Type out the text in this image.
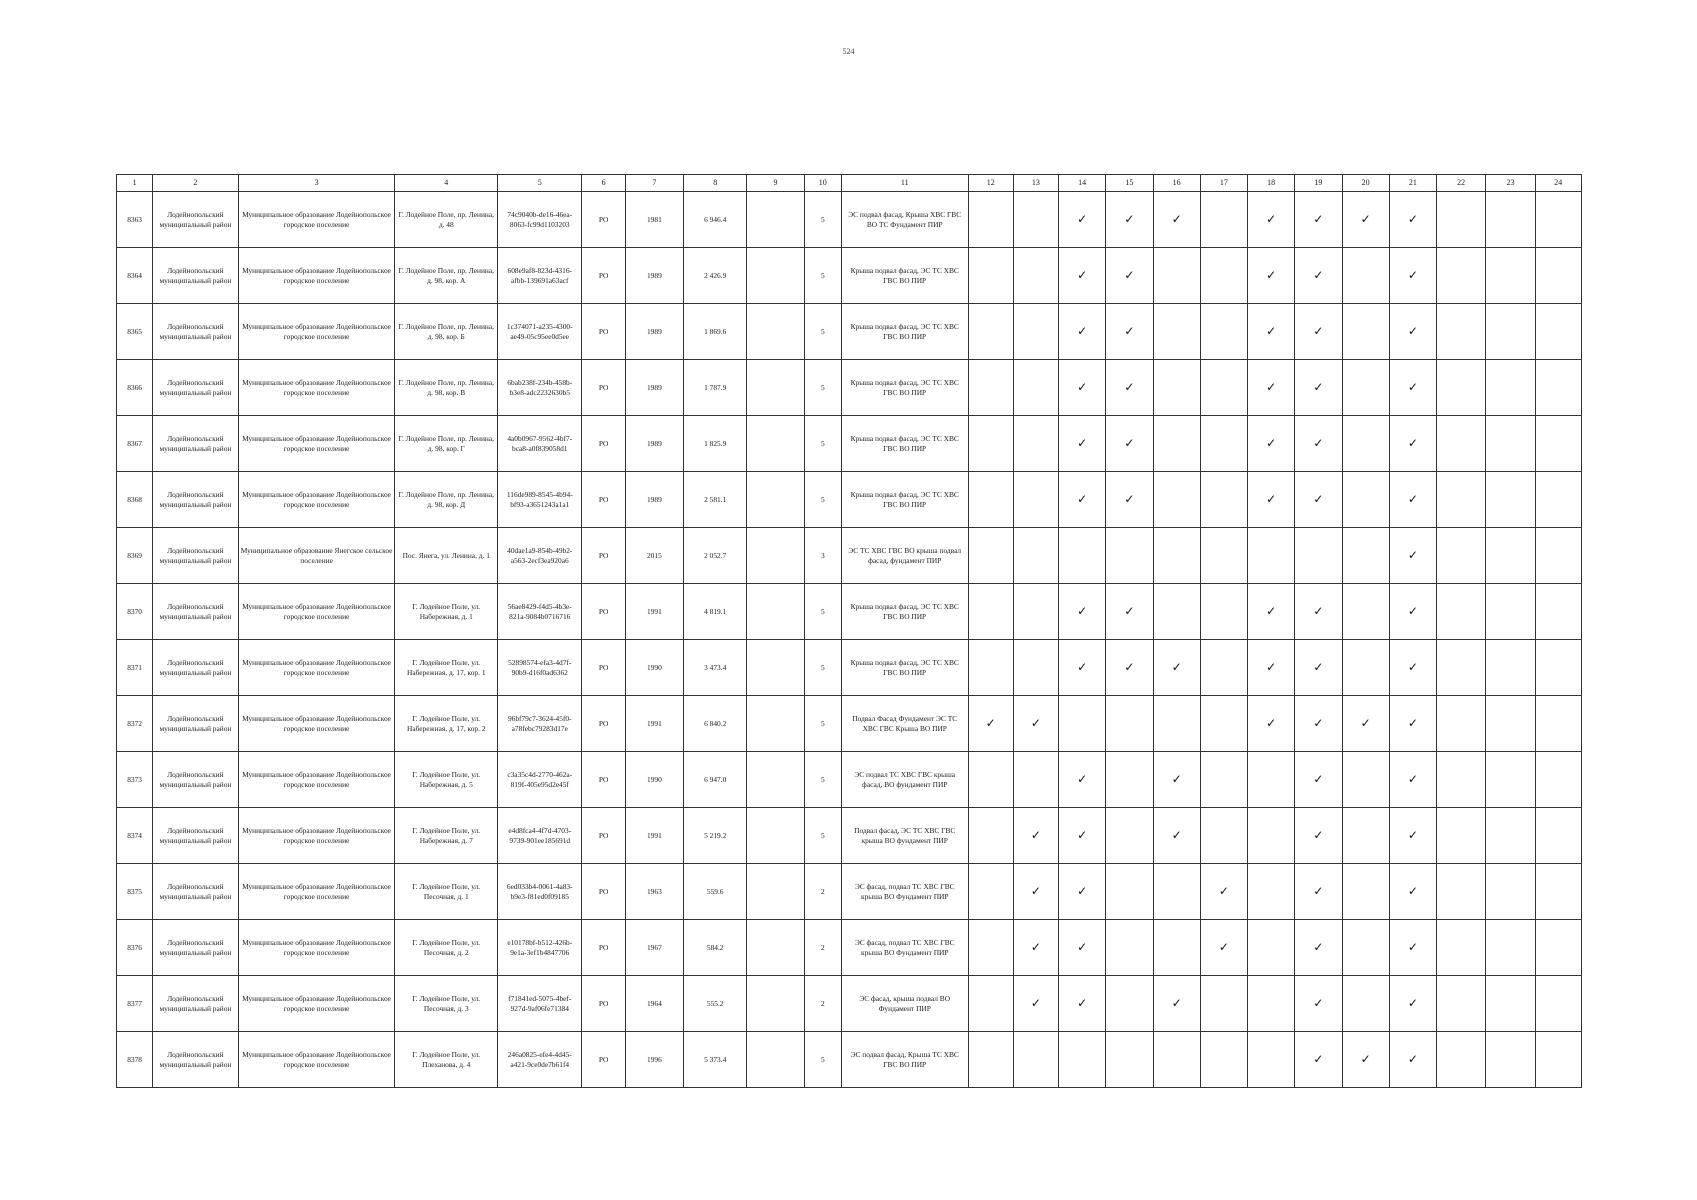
524
1	2	3	4	5	6	7	8	9	10	11	12	13	14	15	16	17	18	19	20	21	22	23	24
8363	Лодейнопольский муниципальный район	Муниципальное образование Лодейнопольское городское поселение	Г. Лодейное Поле, пр. Ленина, д. 48	74c9040b-de16-46ea-8063-fc99d1103203	РО	1981	6 946.4		5	ЭС подвал фасад, Крыша ХВС ГВС ВО ТС Фундамент ПИР			✓	✓	✓		✓	✓	✓	✓			
8364	Лодейнопольский муниципальный район	Муниципальное образование Лодейнопольское городское поселение	Г. Лодейное Поле, пр. Ленина, д. 98, кор. А	608e9af8-823d-4316-afbb-139691a63acf	РО	1989	2 426.9		5	Крыша подвал фасад, ЭС ТС ХВС ГВС ВО ПИР			✓	✓			✓	✓		✓			
8365	Лодейнопольский муниципальный район	Муниципальное образование Лодейнопольское городское поселение	Г. Лодейное Поле, пр. Ленина, д. 98, кор. Б	1c374071-a235-4300-ae49-05c95ee0d5ee	РО	1989	1 869.6		5	Крыша подвал фасад, ЭС ТС ХВС ГВС ВО ПИР			✓	✓			✓	✓		✓			
8366	Лодейнопольский муниципальный район	Муниципальное образование Лодейнопольское городское поселение	Г. Лодейное Поле, пр. Ленина, д. 98, кор. В	6bab238f-234b-458b-b3e8-adc2232630b5	РО	1989	1 787.9		5	Крыша подвал фасад, ЭС ТС ХВС ГВС ВО ПИР			✓	✓			✓	✓		✓			
8367	Лодейнопольский муниципальный район	Муниципальное образование Лодейнопольское городское поселение	Г. Лодейное Поле, пр. Ленина, д. 98, кор. Г	4a0b0967-9562-4bf7-bca8-a0f839058d1	РО	1989	1 825.9		5	Крыша подвал фасад, ЭС ТС ХВС ГВС ВО ПИР			✓	✓			✓	✓		✓			
8368	Лодейнопольский муниципальный район	Муниципальное образование Лодейнопольское городское поселение	Г. Лодейное Поле, пр. Ленина, д. 98, кор. Д	116de989-8545-4b94-bf93-a3651243a1a1	РО	1989	2 581.1		5	Крыша подвал фасад, ЭС ТС ХВС ГВС ВО ПИР			✓	✓			✓	✓		✓			
8369	Лодейнопольский муниципальный район	Муниципальное образование Янегское сельское поселение	Пос. Янега, ул. Ленина, д. 1	40dae1a9-854b-49b2-a563-2ecf3ea920a6	РО	2015	2 052.7		3	ЭС ТС ХВС ГВС ВО крыша подвал фасад, фундамент ПИР										✓			
8370	Лодейнопольский муниципальный район	Муниципальное образование Лодейнопольское городское поселение	Г. Лодейное Поле, ул. Набережная, д. 1	56ae8429-f4d5-4b3e-821a-9084b0716716	РО	1991	4 819.1		5	Крыша подвал фасад, ЭС ТС ХВС ГВС ВО ПИР			✓	✓			✓	✓		✓			
8371	Лодейнопольский муниципальный район	Муниципальное образование Лодейнопольское городское поселение	Г. Лодейное Поле, ул. Набережная, д. 17, кор. 1	52898574-efa3-4d7f-90b9-d16f0ad6362	РО	1990	3 473.4		5	Крыша подвал фасад, ЭС ТС ХВС ГВС ВО ПИР			✓	✓	✓		✓	✓		✓			
8372	Лодейнопольский муниципальный район	Муниципальное образование Лодейнопольское городское поселение	Г. Лодейное Поле, ул. Набережная, д. 17, кор. 2	96bf79c7-3624-45f0-a78febc79283d17e	РО	1991	6 840.2		5	Подвал Фасад Фундамент ЭС ТС ХВС ГВС Крыша ВО ПИР	✓	✓					✓	✓	✓	✓			
8373	Лодейнопольский муниципальный район	Муниципальное образование Лодейнопольское городское поселение	Г. Лодейное Поле, ул. Набережная, д. 5	c3a35c4d-2770-462a-819f-405e95d2e45f	РО	1990	6 947.0		5	ЭС подвал ТС ХВС ГВС крыша фасад, ВО фундамент ПИР			✓		✓			✓		✓			
8374	Лодейнопольский муниципальный район	Муниципальное образование Лодейнопольское городское поселение	Г. Лодейное Поле, ул. Набережная, д. 7	e4d8fca4-4f7d-4703-9739-901ee185691d	РО	1991	5 219.2		5	Подвал фасад, ЭС ТС ХВС ГВС крыша ВО фундамент ПИР		✓	✓		✓			✓		✓			
8375	Лодейнопольский муниципальный район	Муниципальное образование Лодейнопольское городское поселение	Г. Лодейное Поле, ул. Песочная, д. 1	6ed033b4-0061-4a83-b9e3-f81ed0f09185	РО	1963	559.6		2	ЭС фасад, подвал ТС ХВС ГВС крыша ВО Фундамент ПИР		✓	✓			✓		✓		✓			
8376	Лодейнопольский муниципальный район	Муниципальное образование Лодейнопольское городское поселение	Г. Лодейное Поле, ул. Песочная, д. 2	e10178bf-b512-426b-9e1a-3ef1b4847706	РО	1967	584.2		2	ЭС фасад, подвал ТС ХВС ГВС крыша ВО Фундамент ПИР		✓	✓			✓		✓		✓			
8377	Лодейнопольский муниципальный район	Муниципальное образование Лодейнопольское городское поселение	Г. Лодейное Поле, ул. Песочная, д. 3	f71841ed-5075-4bef-927d-9af06fe71384	РО	1964	555.2		2	ЭС фасад, крыша подвал ВО Фундамент ПИР		✓	✓		✓			✓		✓			
8378	Лодейнопольский муниципальный район	Муниципальное образование Лодейнопольское городское поселение	Г. Лодейное Поле, ул. Плеханова, д. 4	246a0825-efe4-4d45-a421-9ce0de7b61f4	РО	1996	5 373.4		5	ЭС подвал фасад, Крыша ТС ХВС ГВС ВО ПИР								✓	✓	✓			
